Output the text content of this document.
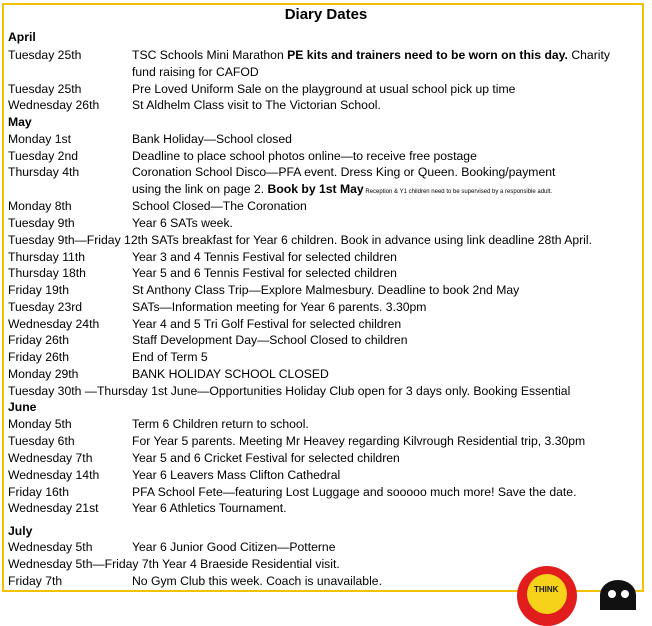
Diary Dates
April
Tuesday 25th	TSC Schools Mini Marathon PE kits and trainers need to be worn on this day. Charity
fund raising for CAFOD
Tuesday 25th	Pre Loved Uniform Sale on the playground at usual school pick up time
Wednesday 26th	St Aldhelm Class visit to The Victorian School.
May
Monday 1st	Bank Holiday—School closed
Tuesday 2nd	Deadline to place school photos online—to receive free postage
Thursday 4th	Coronation School Disco—PFA event. Dress King or Queen. Booking/payment
using the link on page 2. Book by 1st May Reception & Y1 children need to be supervised by a responsible adult.
Monday 8th	School Closed—The Coronation
Tuesday 9th	Year 6 SATs week.
Tuesday 9th—Friday 12th SATs breakfast for Year 6 children. Book in advance using link deadline 28th April.
Thursday 11th	Year 3 and 4 Tennis Festival for selected children
Thursday 18th	Year 5 and 6 Tennis Festival for selected children
Friday 19th	St Anthony Class Trip—Explore Malmesbury. Deadline to book 2nd May
Tuesday 23rd	SATs—Information meeting for Year 6 parents. 3.30pm
Wednesday 24th	Year 4 and 5 Tri Golf Festival for selected children
Friday 26th	Staff Development Day—School Closed to children
Friday 26th	End of Term 5
Monday 29th	BANK HOLIDAY SCHOOL CLOSED
Tuesday 30th —Thursday 1st June—Opportunities Holiday Club open for 3 days only. Booking Essential
June
Monday 5th	Term 6 Children return to school.
Tuesday 6th	For Year 5 parents. Meeting Mr Heavey regarding Kilvrough Residential trip, 3.30pm
Wednesday 7th	Year 5 and 6 Cricket Festival for selected children
Wednesday 14th	Year 6 Leavers Mass Clifton Cathedral
Friday 16th	PFA School Fete—featuring Lost Luggage and sooooo much more! Save the date.
Wednesday 21st	Year 6 Athletics Tournament.
July
Wednesday 5th	Year 6 Junior Good Citizen—Potterne
Wednesday 5th—Friday 7th Year 4 Braeside Residential visit.
Friday 7th	No Gym Club this week. Coach is unavailable.
THINK
